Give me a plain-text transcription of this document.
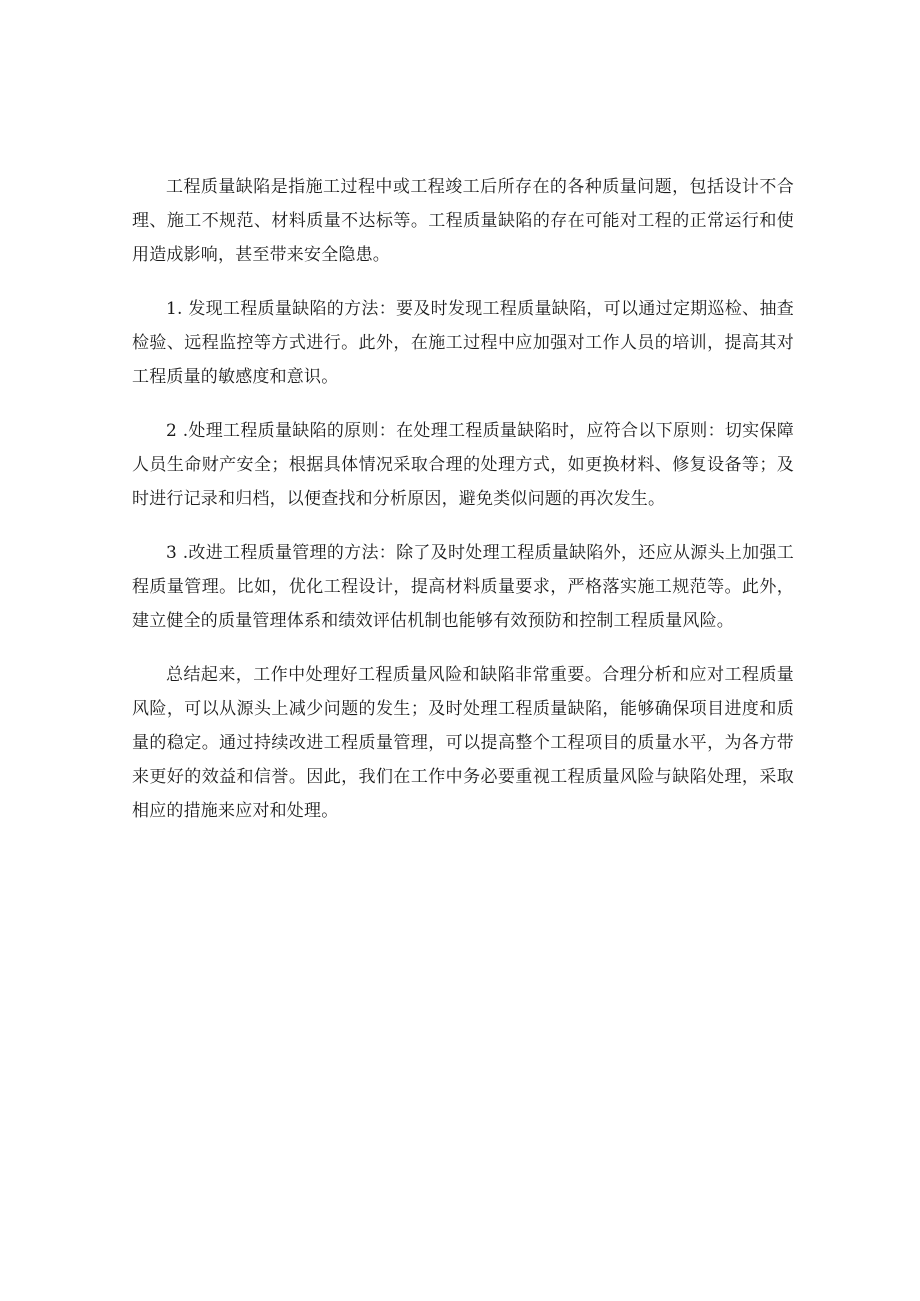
工程质量缺陷是指施工过程中或工程竣工后所存在的各种质量问题，包括设计不合理、施工不规范、材料质量不达标等。工程质量缺陷的存在可能对工程的正常运行和使用造成影响，甚至带来安全隐患。

1. 发现工程质量缺陷的方法：要及时发现工程质量缺陷，可以通过定期巡检、抽查检验、远程监控等方式进行。此外，在施工过程中应加强对工作人员的培训，提高其对工程质量的敏感度和意识。

2 .处理工程质量缺陷的原则：在处理工程质量缺陷时，应符合以下原则：切实保障人员生命财产安全；根据具体情况采取合理的处理方式，如更换材料、修复设备等；及时进行记录和归档，以便查找和分析原因，避免类似问题的再次发生。

3 .改进工程质量管理的方法：除了及时处理工程质量缺陷外，还应从源头上加强工程质量管理。比如，优化工程设计，提高材料质量要求，严格落实施工规范等。此外，建立健全的质量管理体系和绩效评估机制也能够有效预防和控制工程质量风险。

总结起来，工作中处理好工程质量风险和缺陷非常重要。合理分析和应对工程质量风险，可以从源头上减少问题的发生；及时处理工程质量缺陷，能够确保项目进度和质量的稳定。通过持续改进工程质量管理，可以提高整个工程项目的质量水平，为各方带来更好的效益和信誉。因此，我们在工作中务必要重视工程质量风险与缺陷处理，采取相应的措施来应对和处理。
